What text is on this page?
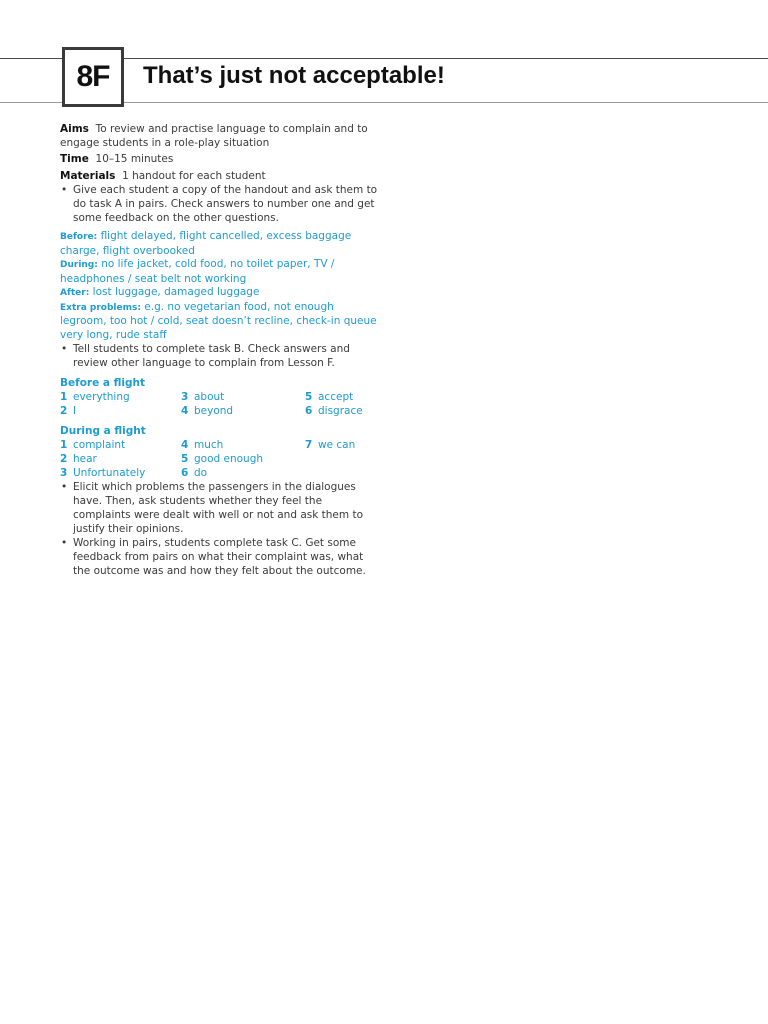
8F	That’s just not acceptable!

Aims To review and practise language to complain and to engage students in a role-play situation

Time 10–15 minutes

Materials 1 handout for each student

• Give each student a copy of the handout and ask them to do task A in pairs. Check answers to number one and get some feedback on the other questions.

Before: flight delayed, flight cancelled, excess baggage charge, flight overbooked
During: no life jacket, cold food, no toilet paper, TV / headphones / seat belt not working
After: lost luggage, damaged luggage
Extra problems: e.g. no vegetarian food, not enough legroom, too hot / cold, seat doesn’t recline, check-in queue very long, rude staff

• Tell students to complete task B. Check answers and review other language to complain from Lesson F.

Before a flight
1 everything	3 about	5 accept
2 I	4 beyond	6 disgrace
During a flight
1 complaint	4 much	7 we can
2 hear	5 good enough
3 Unfortunately	6 do

• Elicit which problems the passengers in the dialogues have. Then, ask students whether they feel the complaints were dealt with well or not and ask them to justify their opinions.

• Working in pairs, students complete task C. Get some feedback from pairs on what their complaint was, what the outcome was and how they felt about the outcome.
